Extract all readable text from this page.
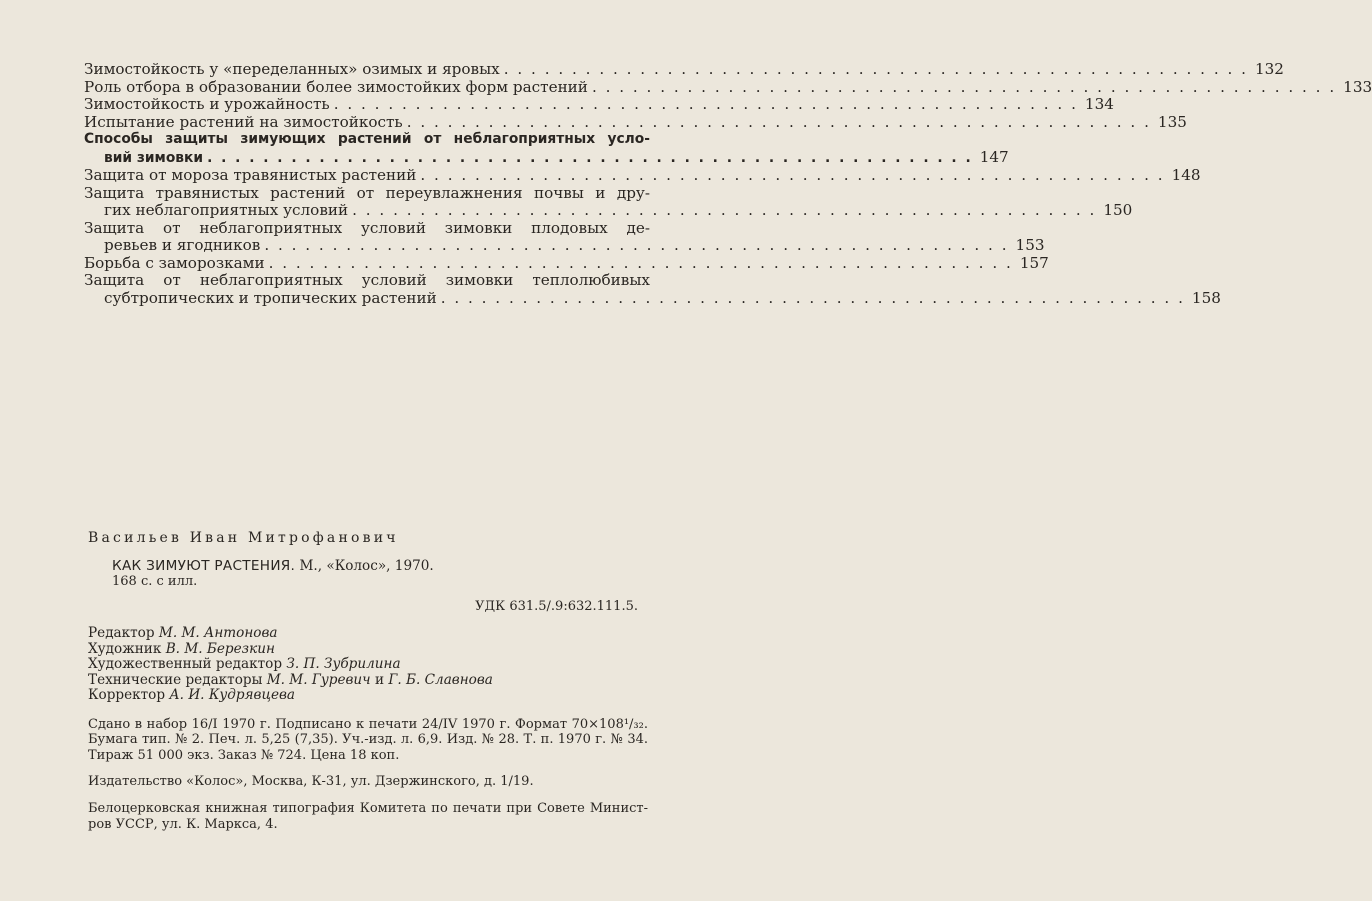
Зимостойкость у «переделанных» озимых и яровых . . .	132
Роль отбора в образовании более зимостойких форм растений . . .	133
Зимостойкость и урожайность . . .	134
Испытание растений на зимостойкость . . .	135
Способы защиты зимующих растений от неблагоприятных усло-
вий зимовки . . .	147
Защита от мороза травянистых растений . . .	148
Защита травянистых растений от переувлажнения почвы и дру-
гих неблагоприятных условий . . .	150
Защита от неблагоприятных условий зимовки плодовых де-
ревьев и ягодников . . .	153
Борьба с заморозками . . .	157
Защита от неблагоприятных условий зимовки теплолюбивых
субтропических и тропических растений . . .	158
Васильев Иван Митрофанович
КАК ЗИМУЮТ РАСТЕНИЯ. М., «Колос», 1970.
168 с. с илл.
УДК 631.5/.9:632.111.5.
Редактор М. М. Антонова
Художник В. М. Березкин
Художественный редактор З. П. Зубрилина
Технические редакторы М. М. Гуревич и Г. Б. Славнова
Корректор А. И. Кудрявцева
Сдано в набор 16/I 1970 г. Подписано к печати 24/IV 1970 г. Формат 70×108¹/₃₂.
Бумага тип. № 2. Печ. л. 5,25 (7,35). Уч.-изд. л. 6,9. Изд. № 28. Т. п. 1970 г. № 34.
Тираж 51 000 экз. Заказ № 724. Цена 18 коп.
Издательство «Колос», Москва, К-31, ул. Дзержинского, д. 1/19.
Белоцерковская книжная типография Комитета по печати при Совете Минист-
ров УССР, ул. К. Маркса, 4.
